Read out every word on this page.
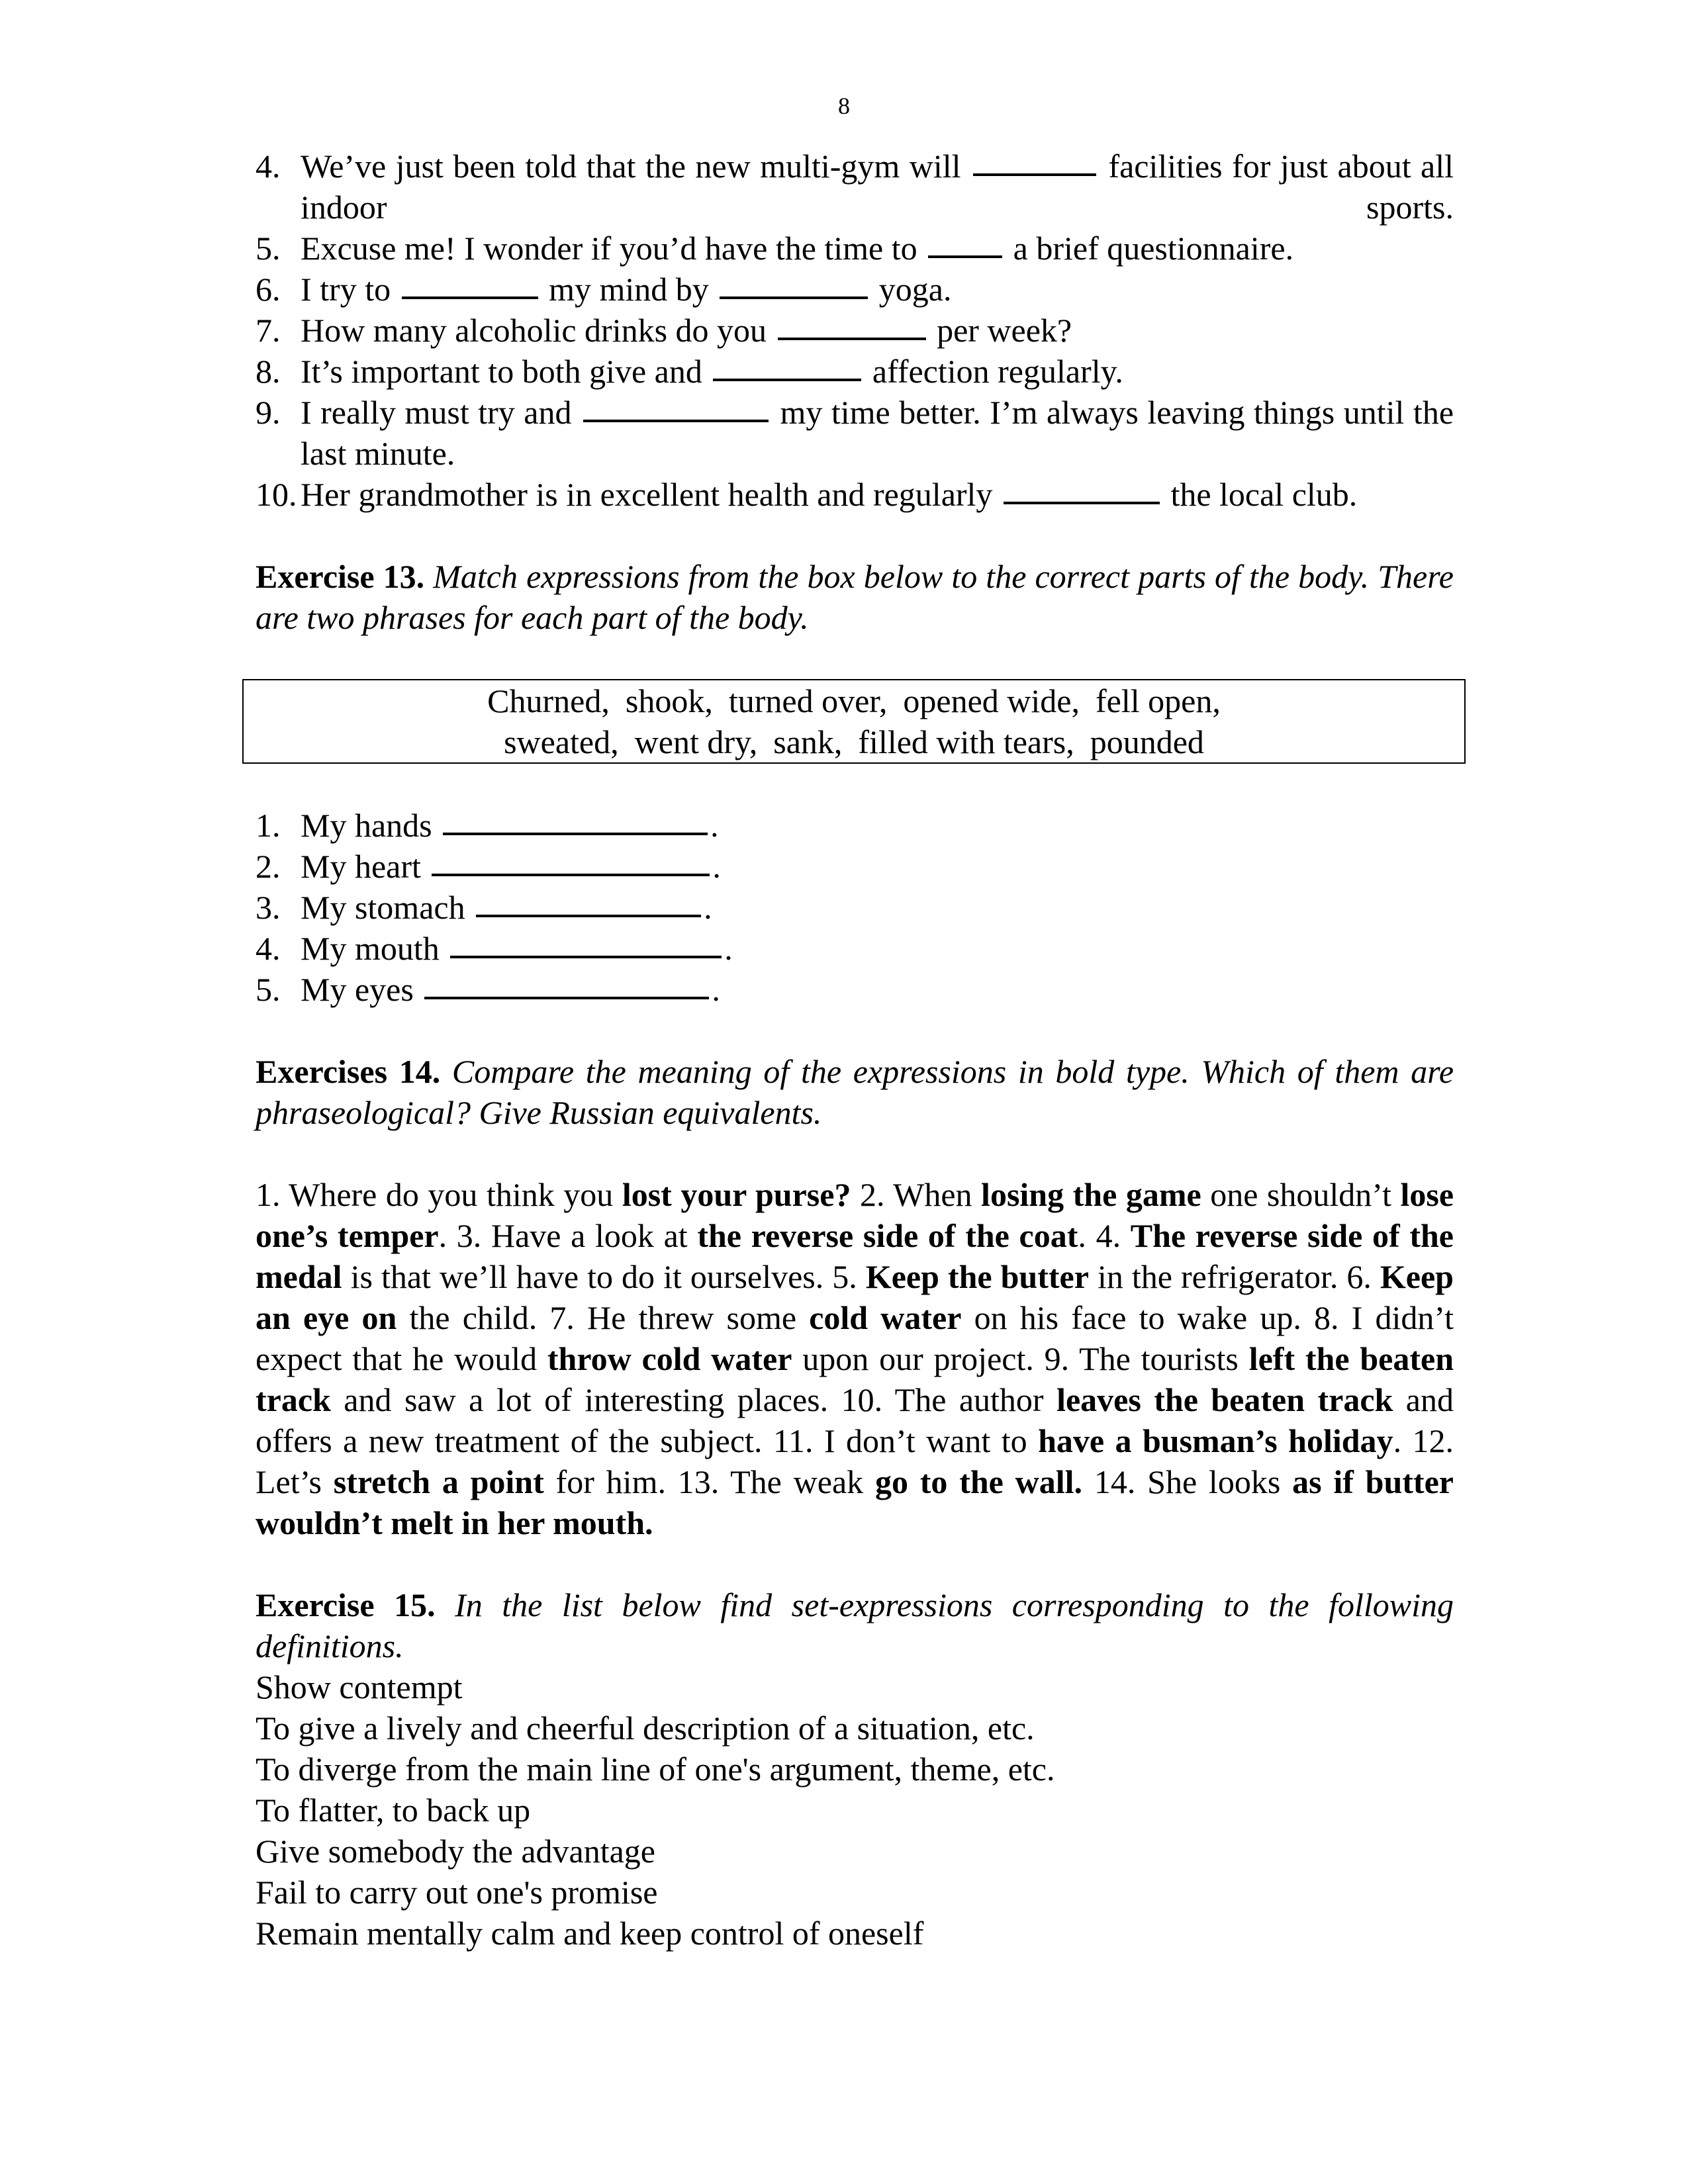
8
4. We’ve just been told that the new multi-gym will	facilities for just about all indoor sports.
5. Excuse me! I wonder if you’d have the time to	a brief questionnaire.
6. I try to	my mind by	yoga.
7. How many alcoholic drinks do you	per week?
8. It’s important to both give and	affection regularly.
9. I really must try and	my time better. I’m always leaving things until the last minute.
10. Her grandmother is in excellent health and regularly	the local club.
Exercise 13. Match expressions from the box below to the correct parts of the body. There are two phrases for each part of the body.
Churned, shook, turned over, opened wide, fell open,
sweated, went dry, sank, filled with tears, pounded
1. My hands	.
2. My heart	.
3. My stomach	.
4. My mouth	.
5. My eyes	.
Exercises 14. Compare the meaning of the expressions in bold type. Which of them are phraseological? Give Russian equivalents.
1. Where do you think you lost your purse? 2. When losing the game one shouldn’t lose one’s temper. 3. Have a look at the reverse side of the coat. 4. The reverse side of the medal is that we’ll have to do it ourselves. 5. Keep the butter in the refrigerator. 6. Keep an eye on the child. 7. He threw some cold water on his face to wake up. 8. I didn’t expect that he would throw cold water upon our project. 9. The tourists left the beaten track and saw a lot of interesting places. 10. The author leaves the beaten track and offers a new treatment of the subject. 11. I don’t want to have a busman’s holiday. 12. Let’s stretch a point for him. 13. The weak go to the wall. 14. She looks as if butter wouldn’t melt in her mouth.
Exercise 15. In the list below find set-expressions corresponding to the following definitions.
Show contempt
To give a lively and cheerful description of a situation, etc.
To diverge from the main line of one's argument, theme, etc.
To flatter, to back up
Give somebody the advantage
Fail to carry out one's promise
Remain mentally calm and keep control of oneself
